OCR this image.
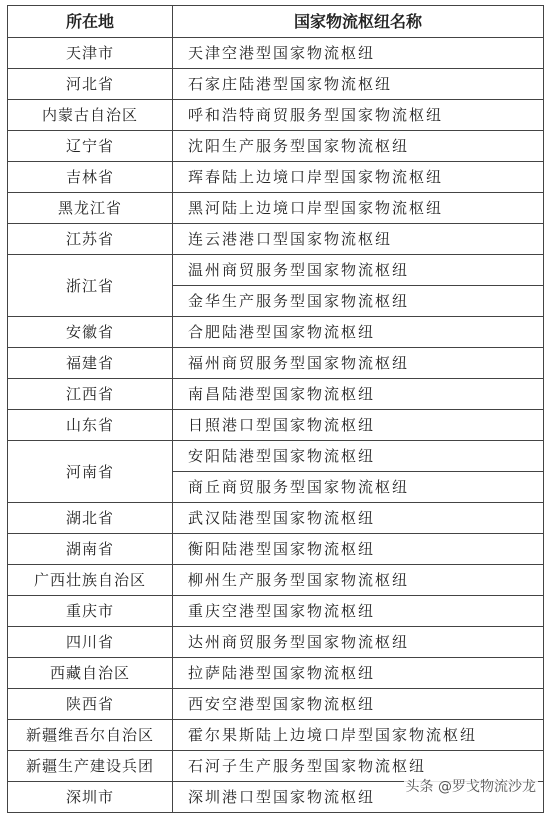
所在地	国家物流枢纽名称
天津市	天津空港型国家物流枢纽
河北省	石家庄陆港型国家物流枢纽
内蒙古自治区	呼和浩特商贸服务型国家物流枢纽
辽宁省	沈阳生产服务型国家物流枢纽
吉林省	珲春陆上边境口岸型国家物流枢纽
黑龙江省	黑河陆上边境口岸型国家物流枢纽
江苏省	连云港港口型国家物流枢纽
浙江省	温州商贸服务型国家物流枢纽
	金华生产服务型国家物流枢纽
安徽省	合肥陆港型国家物流枢纽
福建省	福州商贸服务型国家物流枢纽
江西省	南昌陆港型国家物流枢纽
山东省	日照港口型国家物流枢纽
河南省	安阳陆港型国家物流枢纽
	商丘商贸服务型国家物流枢纽
湖北省	武汉陆港型国家物流枢纽
湖南省	衡阳陆港型国家物流枢纽
广西壮族自治区	柳州生产服务型国家物流枢纽
重庆市	重庆空港型国家物流枢纽
四川省	达州商贸服务型国家物流枢纽
西藏自治区	拉萨陆港型国家物流枢纽
陕西省	西安空港型国家物流枢纽
新疆维吾尔自治区	霍尔果斯陆上边境口岸型国家物流枢纽
新疆生产建设兵团	石河子生产服务型国家物流枢纽
深圳市	深圳港口型国家物流枢纽
头条 @罗戈物流沙龙
